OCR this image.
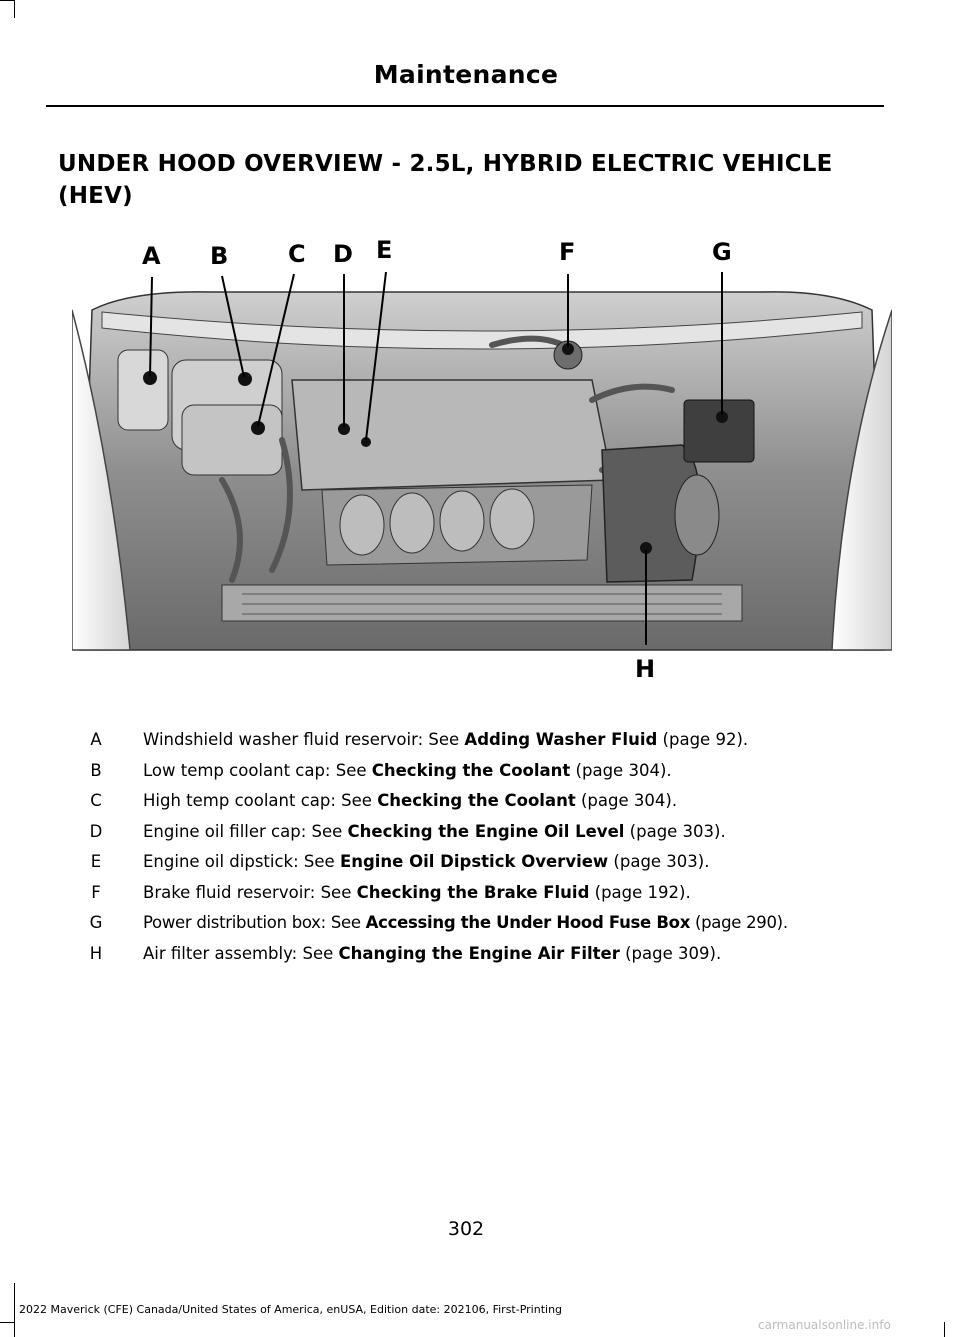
Maintenance
UNDER HOOD OVERVIEW - 2.5L, HYBRID ELECTRIC VEHICLE (HEV)
A B C D E	F	G
H
A	Windshield washer fluid reservoir: See Adding Washer Fluid (page 92).
B	Low temp coolant cap: See Checking the Coolant (page 304).
C	High temp coolant cap: See Checking the Coolant (page 304).
D	Engine oil filler cap: See Checking the Engine Oil Level (page 303).
E	Engine oil dipstick: See Engine Oil Dipstick Overview (page 303).
F	Brake fluid reservoir: See Checking the Brake Fluid (page 192).
G	Power distribution box: See Accessing the Under Hood Fuse Box (page 290).
H	Air filter assembly: See Changing the Engine Air Filter (page 309).
302
2022 Maverick (CFE) Canada/United States of America, enUSA, Edition date: 202106, First-Printing
carmanualsonline.info
